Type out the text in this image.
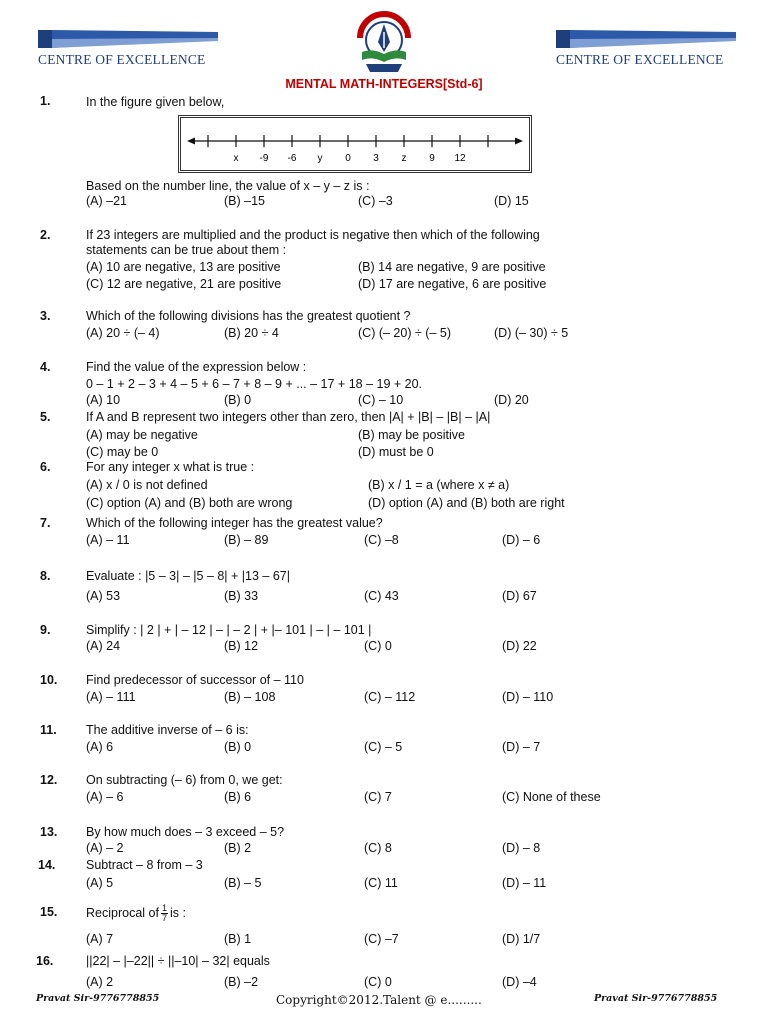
CENTRE OF EXCELLENCE	CENTRE OF EXCELLENCE
MENTAL MATH-INTEGERS[Std-6]
1.	In the figure given below,
x -9 -6 y 0 3 z 9 12
Based on the number line, the value of x – y – z is :
(A) –21	(B) –15	(C) –3	(D) 15
2.	If 23 integers are multiplied and the product is negative then which of the following
statements can be true about them :
(A) 10 are negative, 13 are positive	(B) 14 are negative, 9 are positive
(C) 12 are negative, 21 are positive	(D) 17 are negative, 6 are positive
3.	Which of the following divisions has the greatest quotient ?
(A) 20 ÷ (– 4)	(B) 20 ÷ 4	(C) (– 20) ÷ (– 5)	(D) (– 30) ÷ 5
4.	Find the value of the expression below :
0 – 1 + 2 – 3 + 4 – 5 + 6 – 7 + 8 – 9 + ... – 17 + 18 – 19 + 20.
(A) 10	(B) 0	(C) – 10	(D) 20
5.	If A and B represent two integers other than zero, then |A| + |B| – |B| – |A|
(A) may be negative	(B) may be positive
(C) may be 0	(D) must be 0
6.	For any integer x what is true :
(A) x / 0 is not defined	(B) x / 1 = a (where x ≠ a)
(C) option (A) and (B) both are wrong	(D) option (A) and (B) both are right
7.	Which of the following integer has the greatest value?
(A) – 11	(B) – 89	(C) –8	(D) – 6
8.	Evaluate : |5 – 3| – |5 – 8| + |13 – 67|
(A) 53	(B) 33	(C) 43	(D) 67
9.	Simplify : | 2 | + | – 12 | – | – 2 | + |– 101 | – | – 101 |
(A) 24	(B) 12	(C) 0	(D) 22
10. Find predecessor of successor of – 110
(A) – 111	(B) – 108	(C) – 112	(D) – 110
11. The additive inverse of – 6 is:
(A) 6	(B) 0	(C) – 5	(D) – 7
12. On subtracting (– 6) from 0, we get:
(A) – 6	(B) 6	(C) 7	(C) None of these
13. By how much does – 3 exceed – 5?
(A) – 2	(B) 2	(C) 8	(D) – 8
14. Subtract – 8 from – 3
(A) 5	(B) – 5	(C) 11	(D) – 11
15. Reciprocal of $\frac{1}{7}$ is :
(A) 7	(B) 1	(C) –7	(D) 1/7
16.	||22| – |–22|| ÷ ||–10| – 32| equals
(A) 2	(B) –2	(C) 0	(D) –4
Pravat Sir-9776778855	Copyright©2012.Talent @ e.........	Pravat Sir-9776778855
